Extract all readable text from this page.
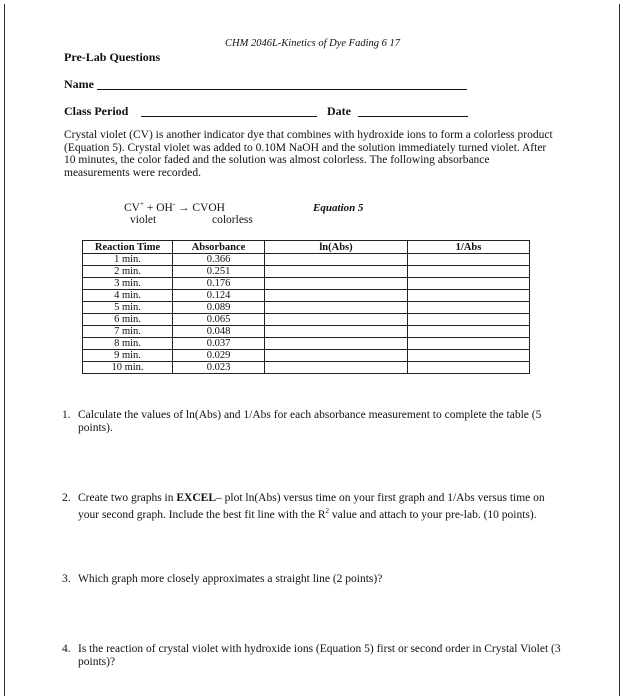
CHM 2046L-Kinetics of Dye Fading 6 17
Pre-Lab Questions
Name
Class Period	Date

Crystal violet (CV) is another indicator dye that combines with hydroxide ions to form a colorless product (Equation 5). Crystal violet was added to 0.10M NaOH and the solution immediately turned violet. After 10 minutes, the color faded and the solution was almost colorless. The following absorbance measurements were recorded.

CV+ + OH- → CVOH
violet	colorless
Equation 5
Reaction Time	Absorbance	ln(Abs)	1/Abs
1 min.	0.366		
2 min.	0.251		
3 min.	0.176		
4 min.	0.124		
5 min.	0.089		
6 min.	0.065		
7 min.	0.048		
8 min.	0.037		
9 min.	0.029		
10 min.	0.023		
1. Calculate the values of ln(Abs) and 1/Abs for each absorbance measurement to complete the table (5 points).
2. Create two graphs in EXCEL– plot ln(Abs) versus time on your first graph and 1/Abs versus time on your second graph. Include the best fit line with the $R^2$ value and attach to your pre-lab. (10 points).
3. Which graph more closely approximates a straight line (2 points)?
4. Is the reaction of crystal violet with hydroxide ions (Equation 5) first or second order in Crystal Violet (3 points)?
